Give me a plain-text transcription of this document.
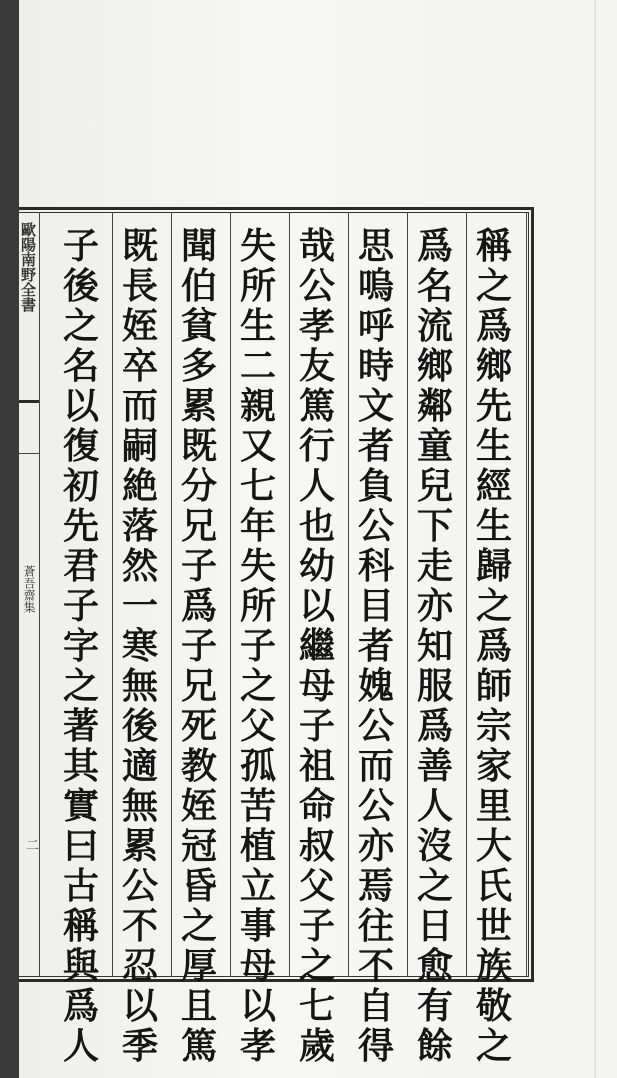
歐陽南野全書
蒼吾齋集
二
稱
之
爲
鄉
先
生
經
生
歸
之
爲
師
宗
家
里
大
氏
世
族
敬
之
爲
名
流
鄉
鄰
童
兒
下
走
亦
知
服
爲
善
人
沒
之
日
愈
有
餘
思
嗚
呼
時
文
者
負
公
科
目
者
媿
公
而
公
亦
焉
往
不
自
得
哉
公
孝
友
篤
行
人
也
幼
以
繼
母
子
祖
命
叔
父
子
之
七
歲
失
所
生
二
親
又
七
年
失
所
子
之
父
孤
苦
植
立
事
母
以
孝
聞
伯
貧
多
累
既
分
兄
子
爲
子
兄
死
教
姪
冠
昏
之
厚
且
篤
既
長
姪
卒
而
嗣
絶
落
然
一
寒
無
後
適
無
累
公
不
忍
以
季
子
後
之
名
以
復
初
先
君
子
字
之
著
其
實
曰
古
稱
與
爲
人
